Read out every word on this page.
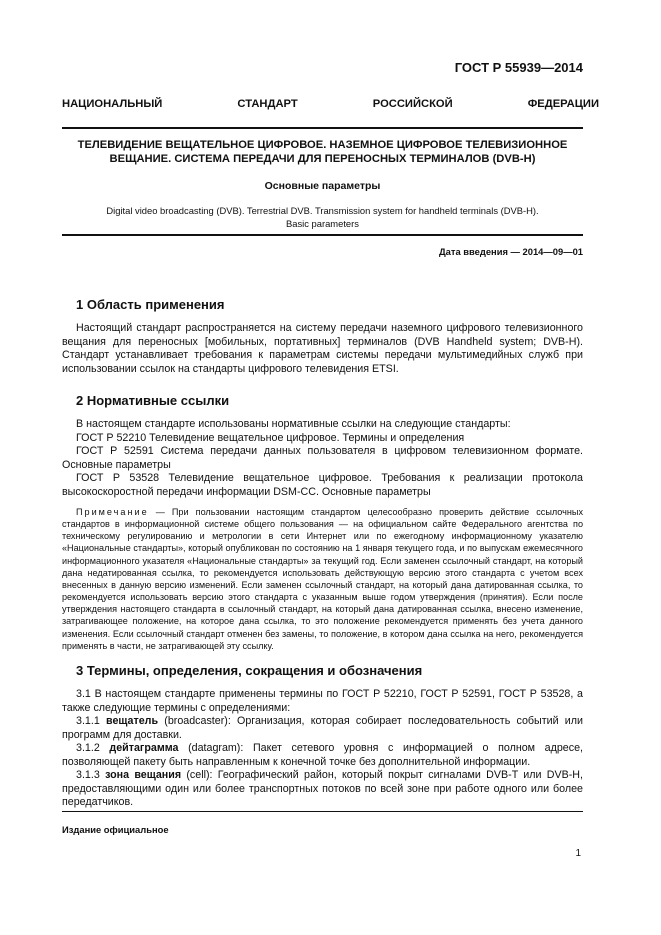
ГОСТ Р 55939—2014
НАЦИОНАЛЬНЫЙ СТАНДАРТ РОССИЙСКОЙ ФЕДЕРАЦИИ
ТЕЛЕВИДЕНИЕ ВЕЩАТЕЛЬНОЕ ЦИФРОВОЕ. НАЗЕМНОЕ ЦИФРОВОЕ ТЕЛЕВИЗИОННОЕ ВЕЩАНИЕ. СИСТЕМА ПЕРЕДАЧИ ДЛЯ ПЕРЕНОСНЫХ ТЕРМИНАЛОВ (DVB-H)
Основные параметры
Digital video broadcasting (DVB). Terrestrial DVB. Transmission system for handheld terminals (DVB-H).
Basic parameters
Дата введения — 2014—09—01
1 Область применения

Настоящий стандарт распространяется на систему передачи наземного цифрового телевизионного вещания для переносных [мобильных, портативных] терминалов (DVB Handheld system; DVB-H). Стандарт устанавливает требования к параметрам системы передачи мультимедийных служб при использовании ссылок на стандарты цифрового телевидения ETSI.

2 Нормативные ссылки

В настоящем стандарте использованы нормативные ссылки на следующие стандарты:

ГОСТ Р 52210 Телевидение вещательное цифровое. Термины и определения

ГОСТ Р 52591 Система передачи данных пользователя в цифровом телевизионном формате. Основные параметры

ГОСТ Р 53528 Телевидение вещательное цифровое. Требования к реализации протокола высокоскоростной передачи информации DSM-CC. Основные параметры

Примечание — При пользовании настоящим стандартом целесообразно проверить действие ссылочных стандартов в информационной системе общего пользования — на официальном сайте Федерального агентства по техническому регулированию и метрологии в сети Интернет или по ежегодному информационному указателю «Национальные стандарты», который опубликован по состоянию на 1 января текущего года, и по выпускам ежемесячного информационного указателя «Национальные стандарты» за текущий год. Если заменен ссылочный стандарт, на который дана недатированная ссылка, то рекомендуется использовать действующую версию этого стандарта с учетом всех внесенных в данную версию изменений. Если заменен ссылочный стандарт, на который дана датированная ссылка, то рекомендуется использовать версию этого стандарта с указанным выше годом утверждения (принятия). Если после утверждения настоящего стандарта в ссылочный стандарт, на который дана датированная ссылка, внесено изменение, затрагивающее положение, на которое дана ссылка, то это положение рекомендуется применять без учета данного изменения. Если ссылочный стандарт отменен без замены, то положение, в котором дана ссылка на него, рекомендуется применять в части, не затрагивающей эту ссылку.

3 Термины, определения, сокращения и обозначения

3.1 В настоящем стандарте применены термины по ГОСТ Р 52210, ГОСТ Р 52591, ГОСТ Р 53528, а также следующие термины с определениями:

3.1.1 вещатель (broadcaster): Организация, которая собирает последовательность событий или программ для доставки.

3.1.2 дейтаграмма (datagram): Пакет сетевого уровня с информацией о полном адресе, позволяющей пакету быть направленным к конечной точке без дополнительной информации.

3.1.3 зона вещания (cell): Географический район, который покрыт сигналами DVB-T или DVB-H, предоставляющими один или более транспортных потоков по всей зоне при работе одного или более передатчиков.

Издание официальное
1
